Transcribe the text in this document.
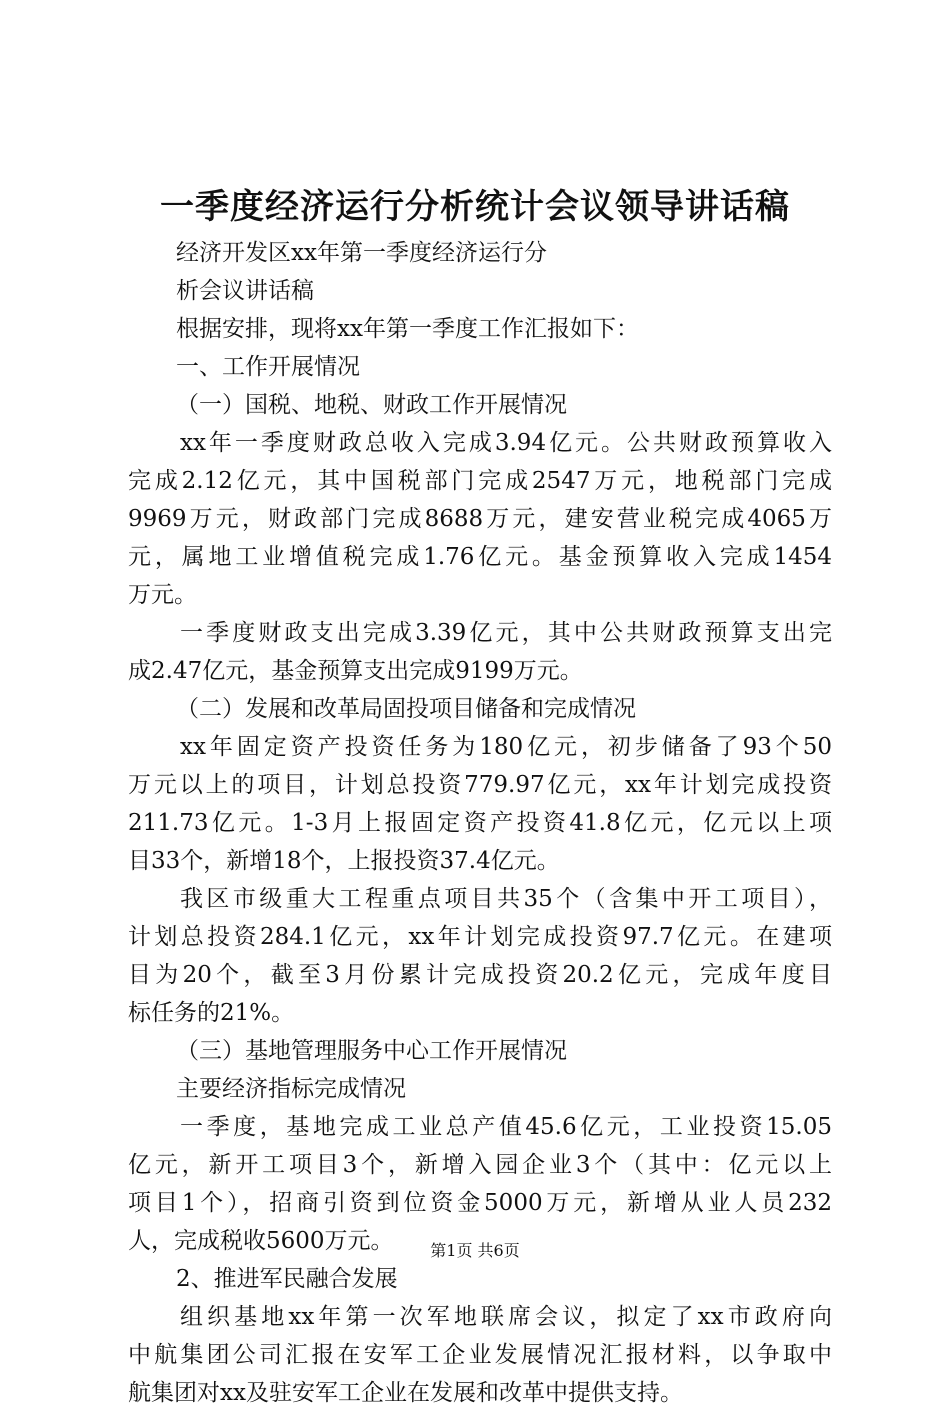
一季度经济运行分析统计会议领导讲话稿
经济开发区xx年第一季度经济运行分
析会议讲话稿
根据安排，现将xx年第一季度工作汇报如下：
一、工作开展情况
（一）国税、地税、财政工作开展情况
xx年一季度财政总收入完成3.94亿元。公共财政预算收入
完成2.12亿元，其中国税部门完成2547万元，地税部门完成
9969万元，财政部门完成8688万元，建安营业税完成4065万
元，属地工业增值税完成1.76亿元。基金预算收入完成1454
万元。
一季度财政支出完成3.39亿元，其中公共财政预算支出完
成2.47亿元，基金预算支出完成9199万元。
（二）发展和改革局固投项目储备和完成情况
xx年固定资产投资任务为180亿元，初步储备了93个50
万元以上的项目，计划总投资779.97亿元，xx年计划完成投资
211.73亿元。1-3月上报固定资产投资41.8亿元，亿元以上项
目33个，新增18个，上报投资37.4亿元。
我区市级重大工程重点项目共35个（含集中开工项目），
计划总投资284.1亿元，xx年计划完成投资97.7亿元。在建项
目为20个，截至3月份累计完成投资20.2亿元，完成年度目
标任务的21%。
（三）基地管理服务中心工作开展情况
主要经济指标完成情况
一季度，基地完成工业总产值45.6亿元，工业投资15.05
亿元，新开工项目3个，新增入园企业3个（其中：亿元以上
项目1个），招商引资到位资金5000万元，新增从业人员232
人，完成税收5600万元。
2、推进军民融合发展
组织基地xx年第一次军地联席会议，拟定了xx市政府向
中航集团公司汇报在安军工企业发展情况汇报材料，以争取中
航集团对xx及驻安军工企业在发展和改革中提供支持。
第1页 共6页
